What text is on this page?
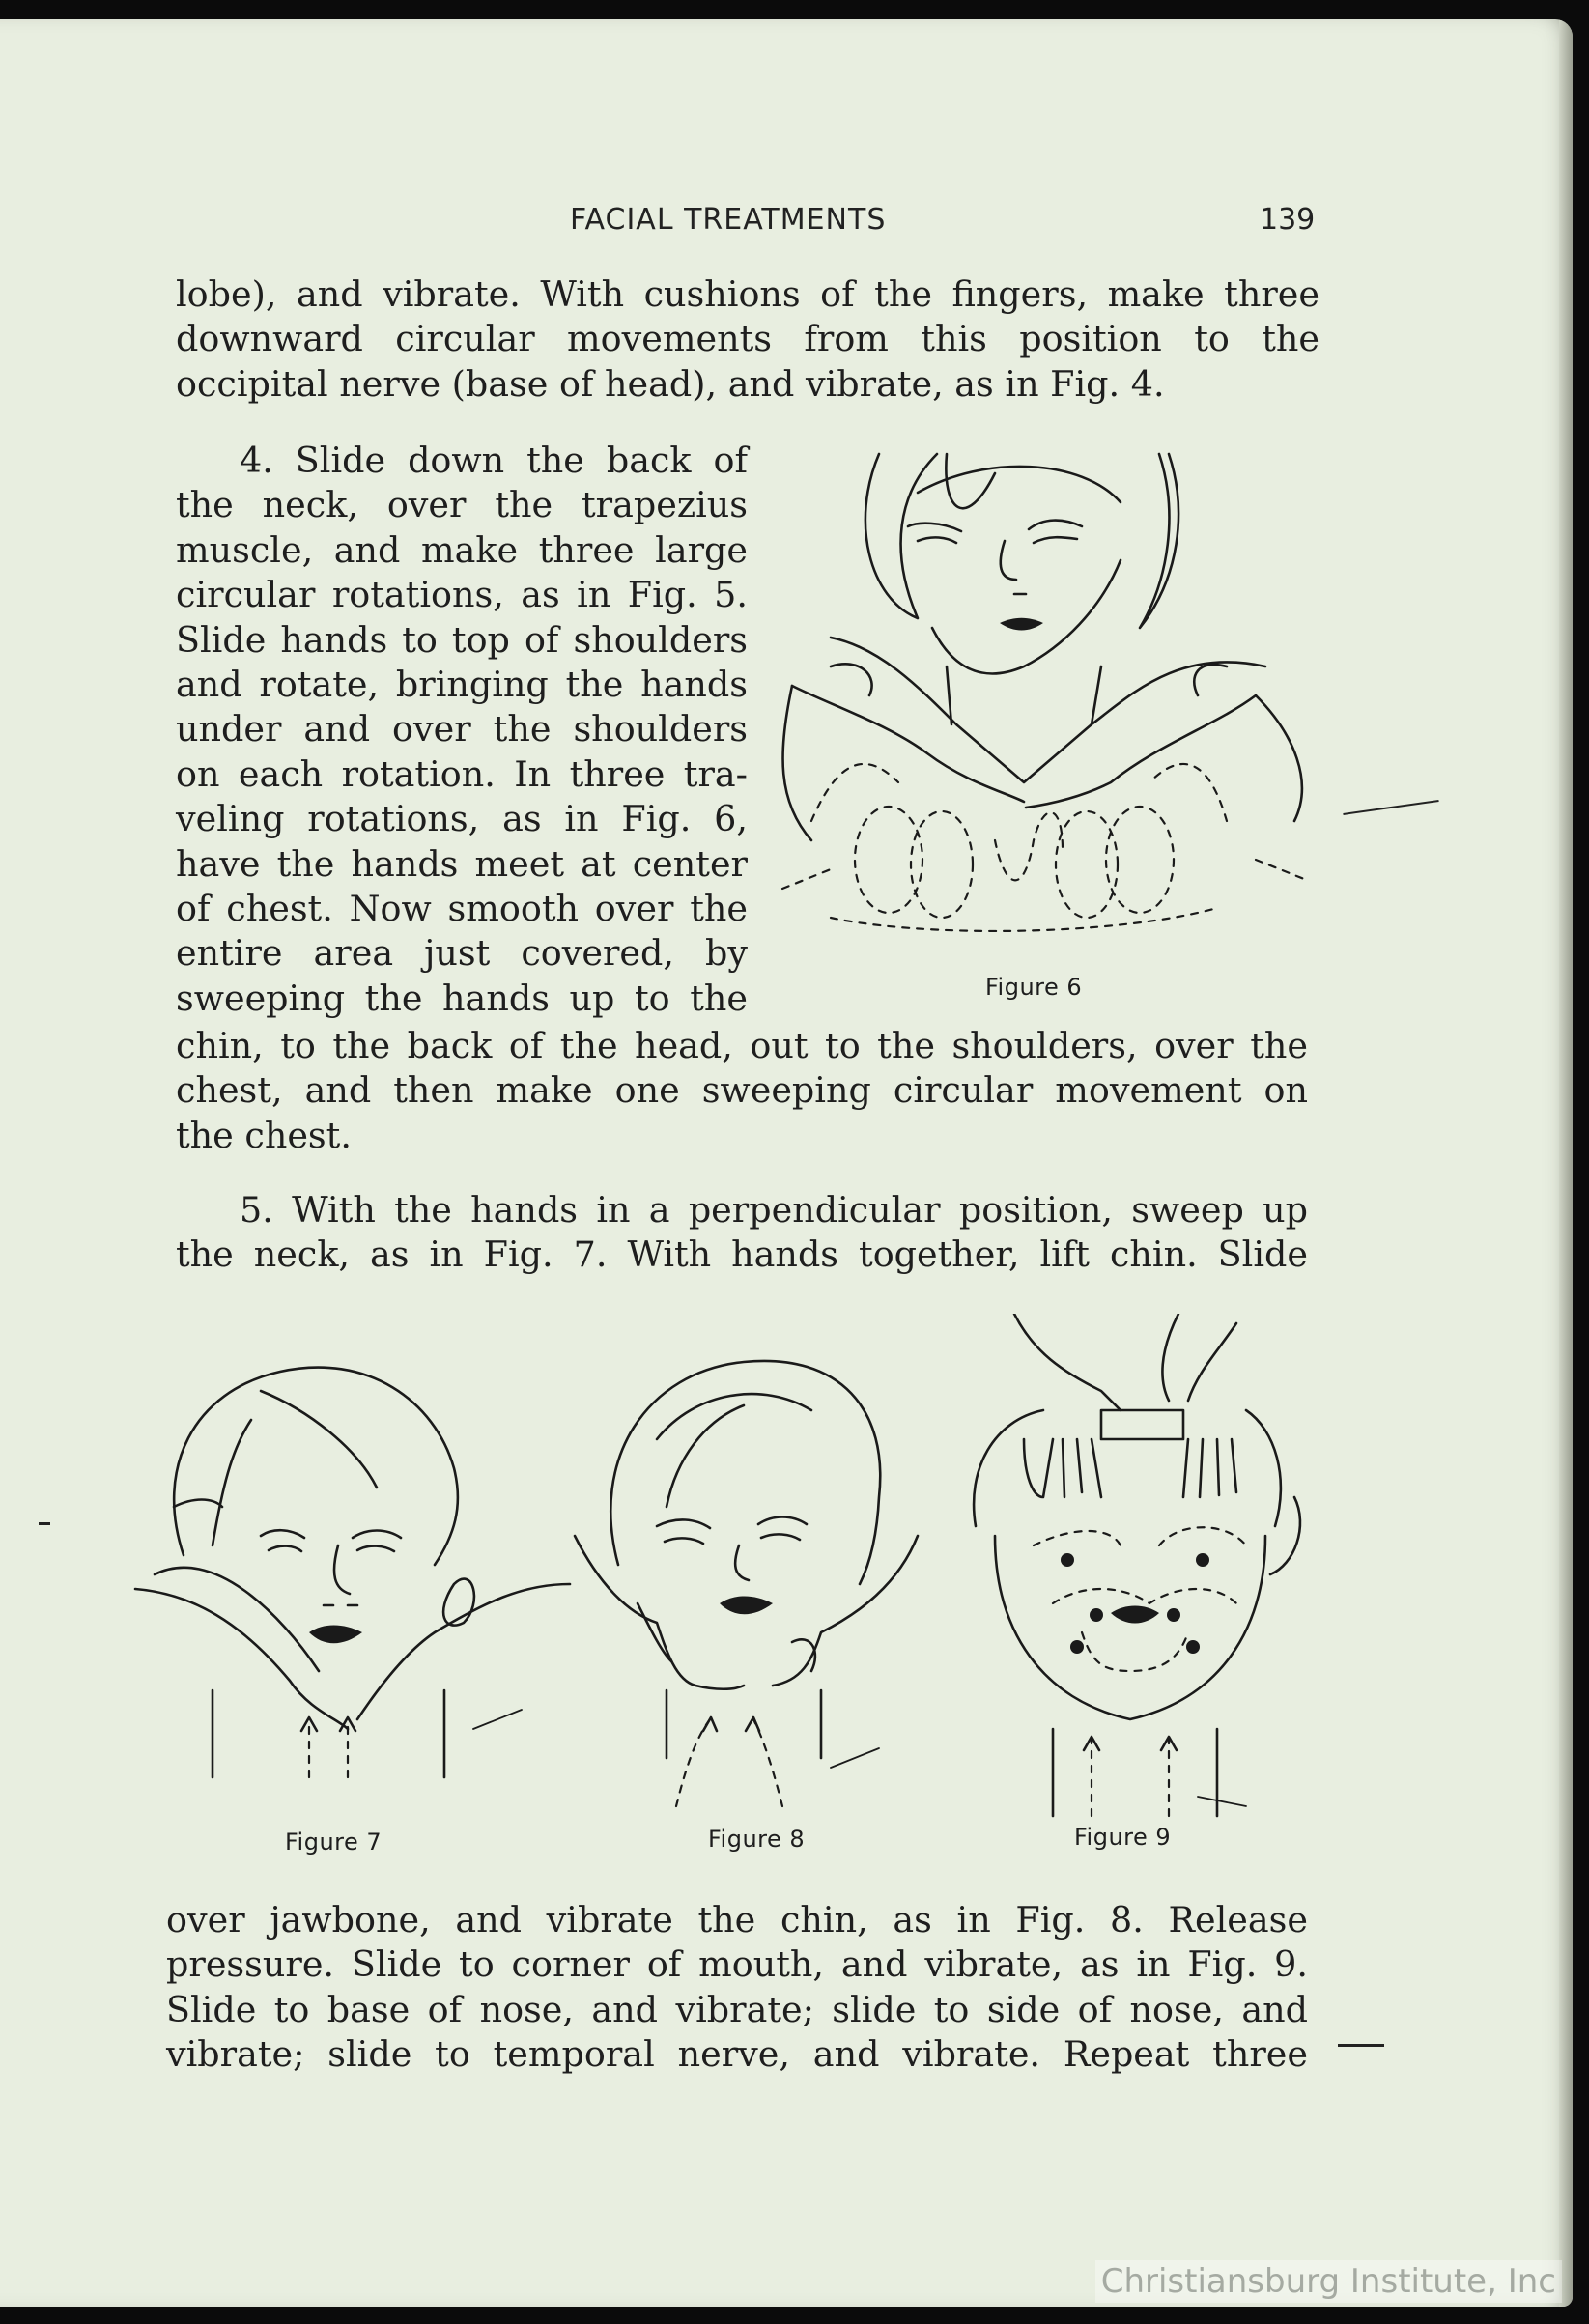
FACIAL TREATMENTS	139
lobe), and vibrate. With cushions of the fingers, make three
downward circular movements from this position to the
occipital nerve (base of head), and vibrate, as in Fig. 4.
4. Slide down the back of
the neck, over the trapezius
muscle, and make three large
circular rotations, as in Fig. 5.
Slide hands to top of shoulders
and rotate, bringing the hands
under and over the shoulders
on each rotation. In three tra-
veling rotations, as in Fig. 6,
have the hands meet at center
of chest. Now smooth over the
entire area just covered, by
sweeping the hands up to the
chin, to the back of the head, out to the shoulders, over the
chest, and then make one sweeping circular movement on
the chest.
5. With the hands in a perpendicular position, sweep up
the neck, as in Fig. 7. With hands together, lift chin. Slide
Figure 6
Figure 7	Figure 8	Figure 9
over jawbone, and vibrate the chin, as in Fig. 8. Release
pressure. Slide to corner of mouth, and vibrate, as in Fig. 9.
Slide to base of nose, and vibrate; slide to side of nose, and
vibrate; slide to temporal nerve, and vibrate. Repeat three
Christiansburg Institute, Inc
